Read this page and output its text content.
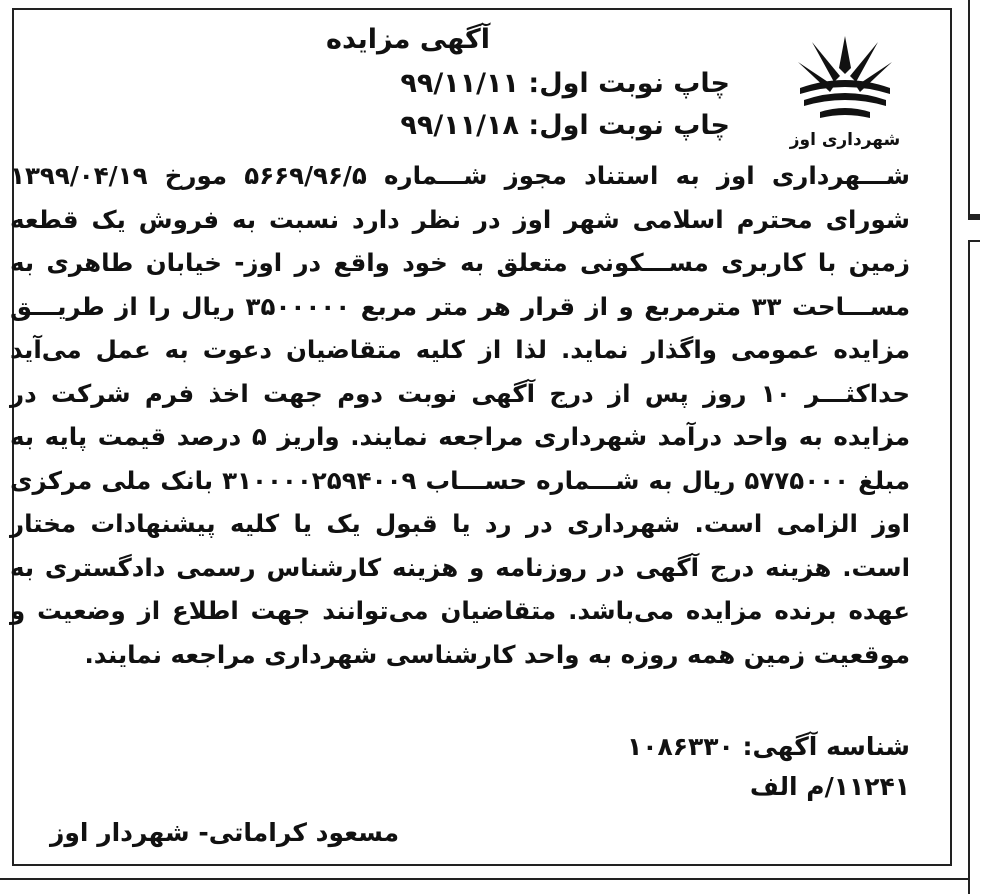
شهرداری اوز
آگهی مزایده
چاپ نوبت اول: ۹۹/۱۱/۱۱
چاپ نوبت اول: ۹۹/۱۱/۱۸

شـــهرداری اوز به استناد مجوز شـــماره ۵۶۶۹/۹۶/۵ مورخ ۱۳۹۹/۰۴/۱۹ شورای محترم اسلامی شهر اوز در نظر دارد نسبت به فروش یک قطعه زمین با کاربری مســـکونی متعلق به خود واقع در اوز- خیابان طاهری به مســـاحت ۳۳ مترمربع و از قرار هر متر مربع ۳۵۰۰۰۰۰ ریال را از طریـــق مزایده عمومی واگذار نماید. لذا از کلیه متقاضیان دعوت به عمل می‌آید حداکثـــر ۱۰ روز پس از درج آگهی نوبت دوم جهت اخذ فرم شرکت در مزایده به واحد درآمد شهرداری مراجعه نمایند. واریز ۵ درصد قیمت پایه به مبلغ ۵۷۷۵۰۰۰ ریال به شـــماره حســـاب ۳۱۰۰۰۰۲۵۹۴۰۰۹ بانک ملی مرکزی اوز الزامی است. شهرداری در رد یا قبول یک یا کلیه پیشنهادات مختار است. هزینه درج آگهی در روزنامه و هزینه کارشناس رسمی دادگستری به عهده برنده مزایده می‌باشد. متقاضیان می‌توانند جهت اطلاع از وضعیت و موقعیت زمین همه روزه به واحد کارشناسی شهرداری مراجعه نمایند.

شناسه آگهی: ۱۰۸۶۳۳۰
۱۱۲۴۱/م الف
مسعود کراماتی- شهردار اوز
